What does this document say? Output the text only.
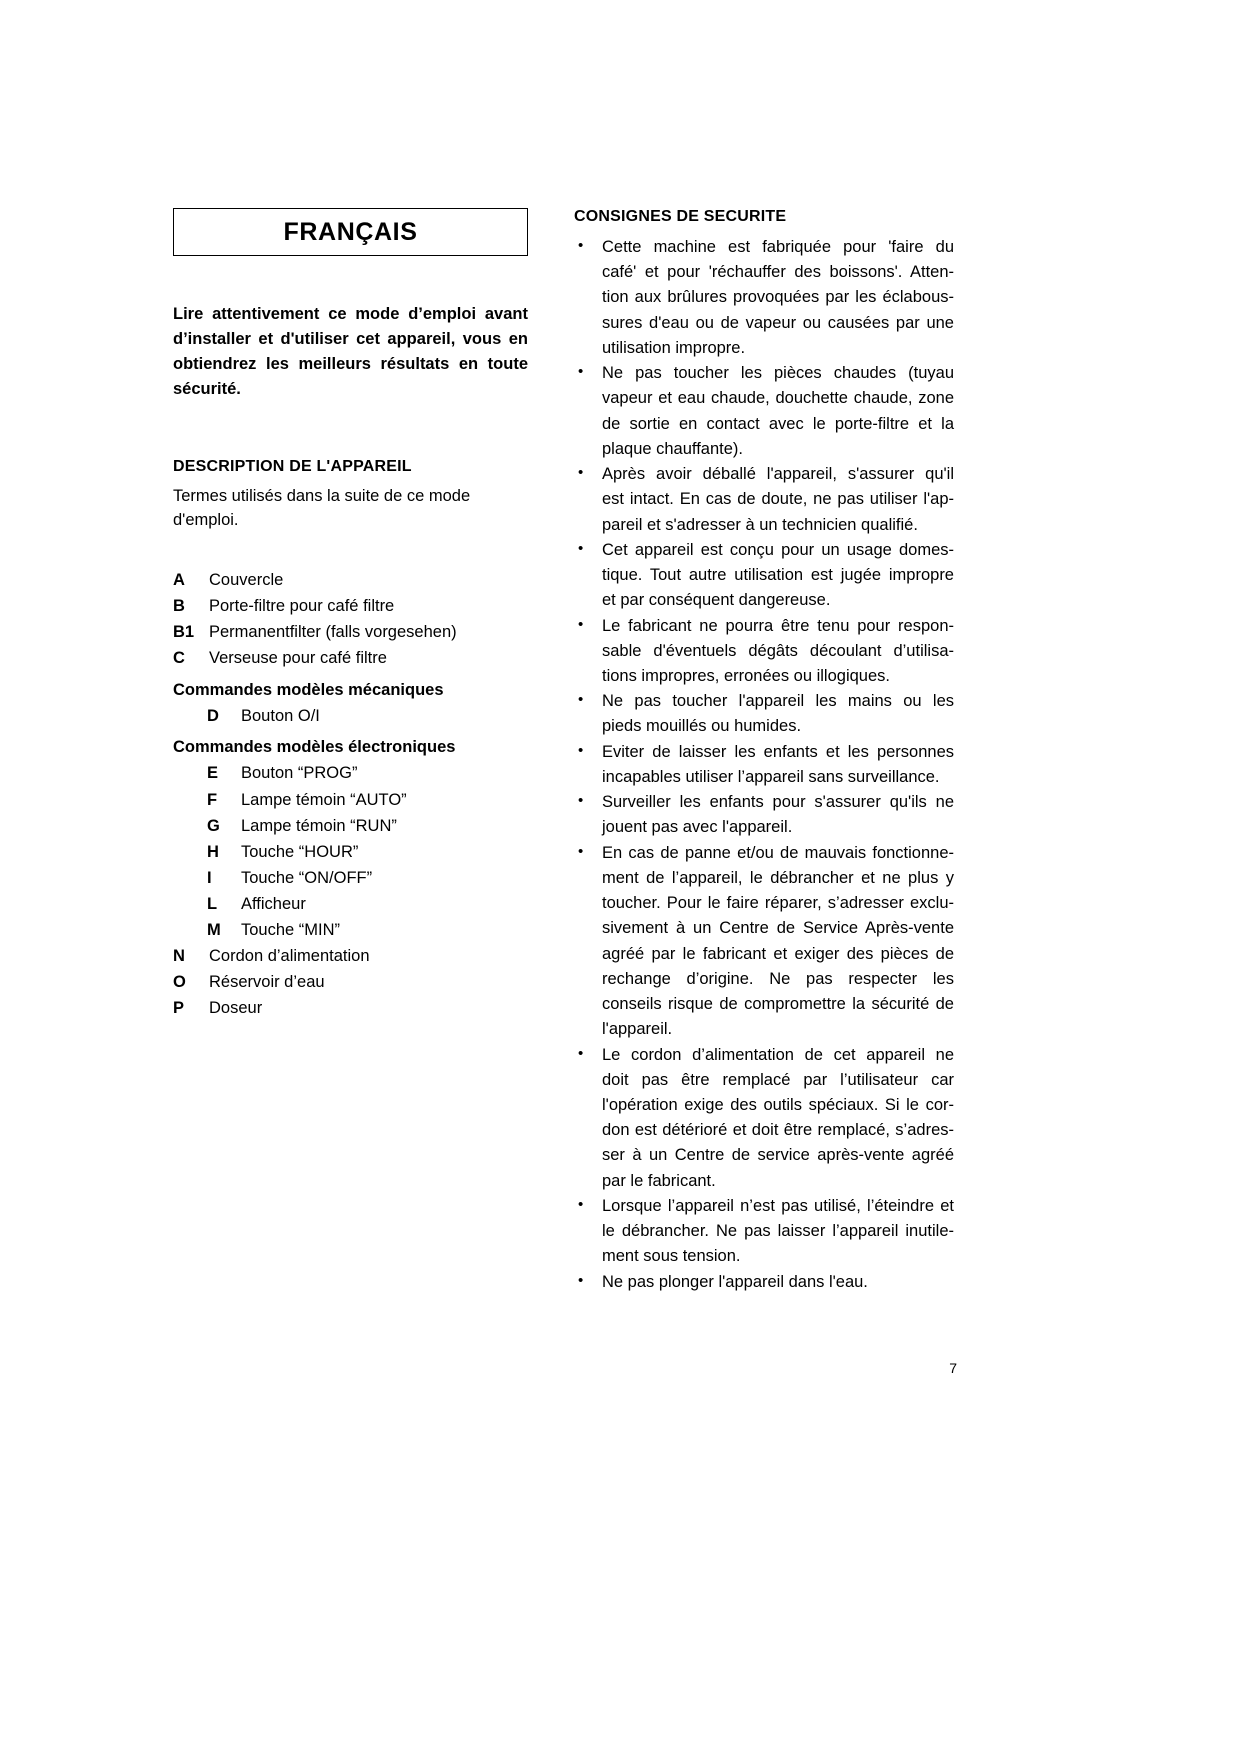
FRANÇAIS

Lire attentivement ce mode d’emploi avant d’installer et d'utiliser cet appareil, vous en obtiendrez les meilleurs résultats en toute sécurité.

DESCRIPTION DE L'APPAREIL

Termes utilisés dans la suite de ce mode d'emploi.

A	Couvercle
B	Porte-filtre pour café filtre
B1 Permanentfilter (falls vorgesehen)
C	Verseuse pour café filtre
Commandes modèles mécaniques
D	Bouton O/I
Commandes modèles électroniques
E	Bouton “PROG”
F	Lampe témoin “AUTO”
G	Lampe témoin “RUN”
H	Touche “HOUR”
I	Touche “ON/OFF”
L	Afficheur
M	Touche “MIN”
N	Cordon d’alimentation
O	Réservoir d’eau
P	Doseur
CONSIGNES DE SECURITE
•	Cette machine est fabriquée pour 'faire du
café' et pour 'réchauffer des boissons'. Atten-
tion aux brûlures provoquées par les éclabous-
sures d'eau ou de vapeur ou causées par une
utilisation impropre.
•	Ne pas toucher les pièces chaudes (tuyau
vapeur et eau chaude, douchette chaude, zone
de sortie en contact avec le porte-filtre et la
plaque chauffante).
•	Après avoir déballé l'appareil, s'assurer qu'il
est intact. En cas de doute, ne pas utiliser l'ap-
pareil et s'adresser à un technicien qualifié.
•	Cet appareil est conçu pour un usage domes-
tique. Tout autre utilisation est jugée impropre
et par conséquent dangereuse.
•	Le fabricant ne pourra être tenu pour respon-
sable d'éventuels dégâts découlant d’utilisa-
tions impropres, erronées ou illogiques.
•	Ne pas toucher l'appareil les mains ou les
pieds mouillés ou humides.
•	Eviter de laisser les enfants et les personnes
incapables utiliser l’appareil sans surveillance.
•	Surveiller les enfants pour s'assurer qu'ils ne
jouent pas avec l'appareil.
•	En cas de panne et/ou de mauvais fonctionne-
ment de l’appareil, le débrancher et ne plus y
toucher. Pour le faire réparer, s’adresser exclu-
sivement à un Centre de Service Après-vente
agréé par le fabricant et exiger des pièces de
rechange d’origine. Ne pas respecter les
conseils risque de compromettre la sécurité de
l'appareil.
•	Le cordon d’alimentation de cet appareil ne
doit pas être remplacé par l’utilisateur car
l'opération exige des outils spéciaux. Si le cor-
don est détérioré et doit être remplacé, s’adres-
ser à un Centre de service après-vente agréé
par le fabricant.
•	Lorsque l’appareil n’est pas utilisé, l’éteindre et
le débrancher. Ne pas laisser l’appareil inutile-
ment sous tension.
•	Ne pas plonger l'appareil dans l'eau.
7
